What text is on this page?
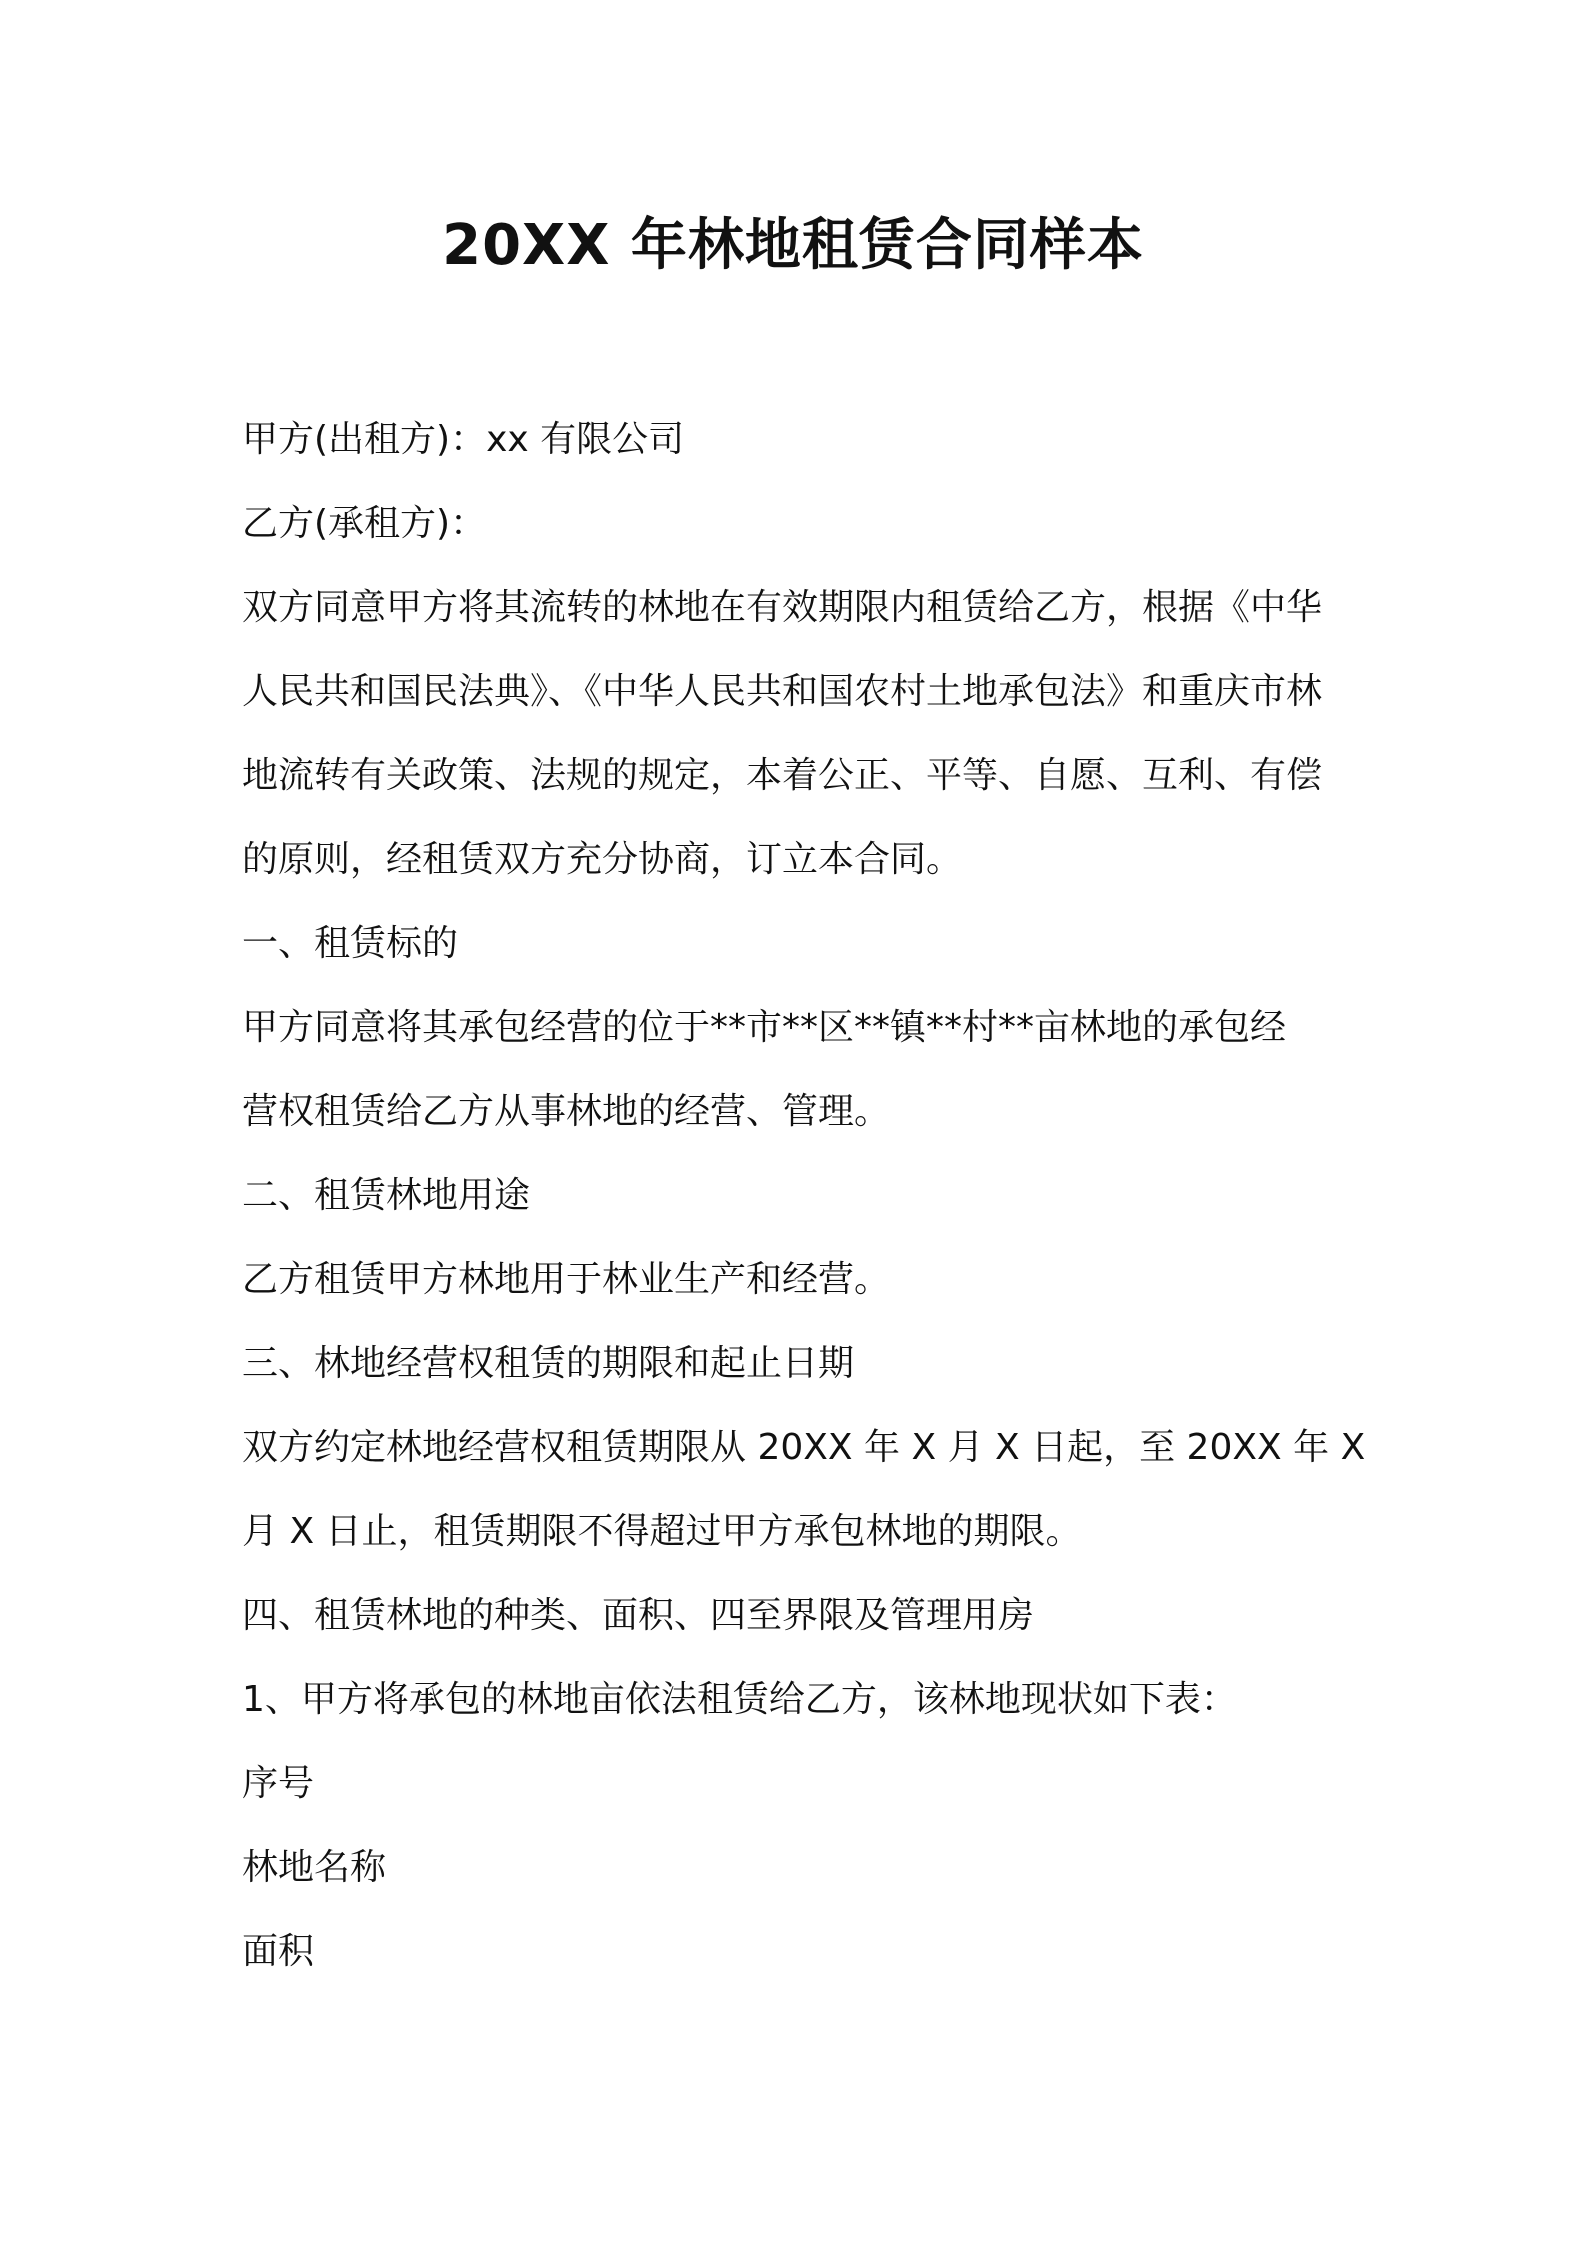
20XX 年林地租赁合同样本
甲方(出租方)：xx 有限公司
乙方(承租方)：
双方同意甲方将其流转的林地在有效期限内租赁给乙方，根据《中华
人民共和国民法典》、《中华人民共和国农村土地承包法》和重庆市林
地流转有关政策、法规的规定，本着公正、平等、自愿、互利、有偿
的原则，经租赁双方充分协商，订立本合同。
一、租赁标的
甲方同意将其承包经营的位于**市**区**镇**村**亩林地的承包经
营权租赁给乙方从事林地的经营、管理。
二、租赁林地用途
乙方租赁甲方林地用于林业生产和经营。
三、林地经营权租赁的期限和起止日期
双方约定林地经营权租赁期限从 20XX 年 X 月 X 日起，至 20XX 年 X
月 X 日止，租赁期限不得超过甲方承包林地的期限。
四、租赁林地的种类、面积、四至界限及管理用房
1、甲方将承包的林地亩依法租赁给乙方，该林地现状如下表：
序号
林地名称
面积
